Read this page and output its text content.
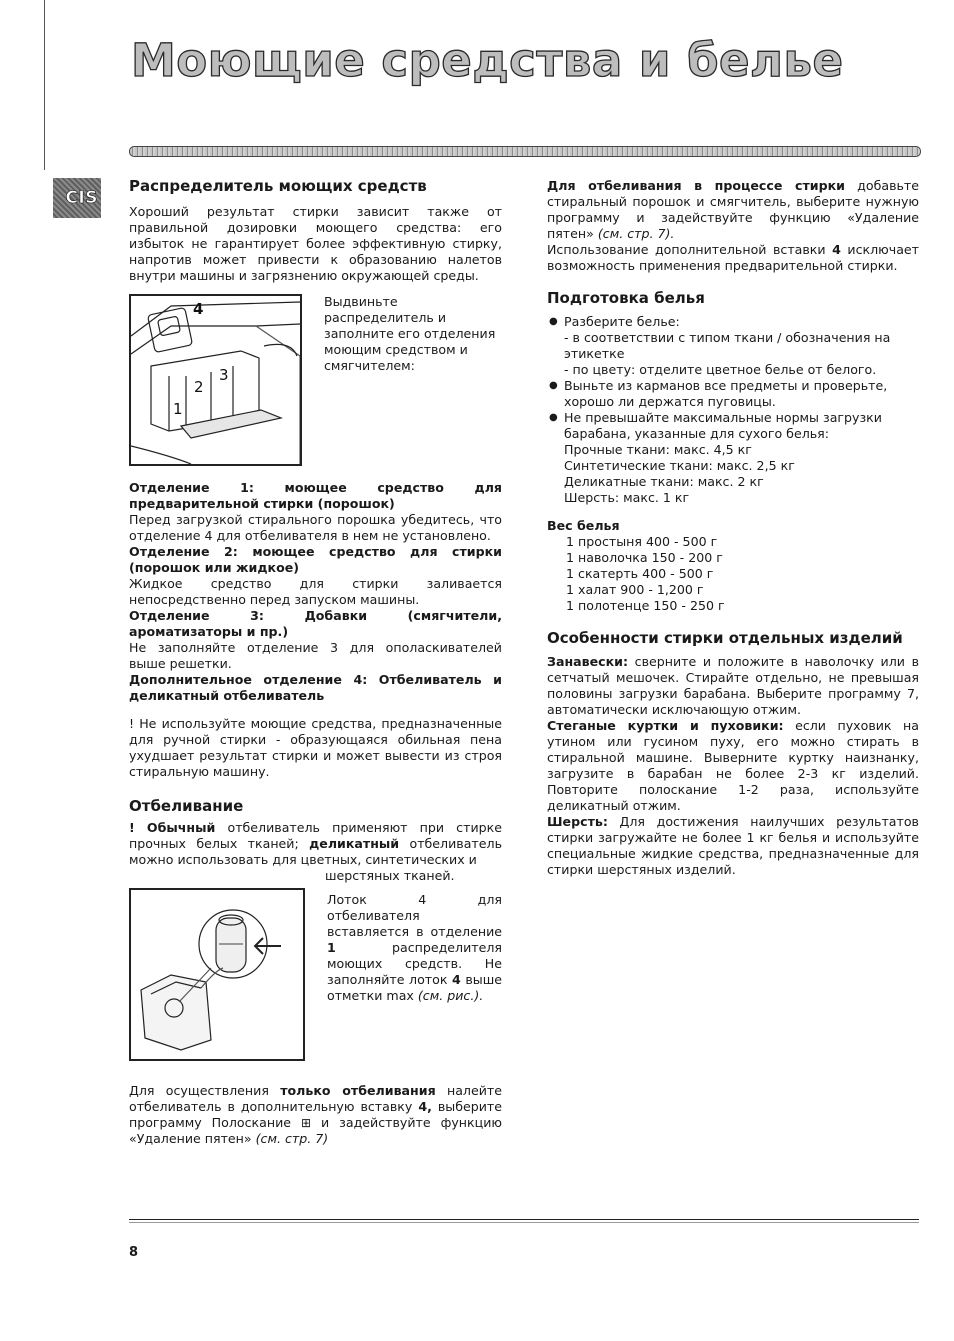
Моющие средства и белье
CIS
Распределитель моющих средств

Хороший результат стирки зависит также от правильной дозировки моющего средства: его избыток не гарантирует более эффективную стирку, напротив может привести к образованию налетов внутри машины и загрязнению окружающей среды.

4
1
2
3

Выдвиньте распределитель и заполните его отделения моющим средством и смягчителем:

Отделение 1: моющее средство для предварительной стирки (порошок)

Перед загрузкой стирального порошка убедитесь, что отделение 4 для отбеливателя в нем не установлено.

Отделение 2: моющее средство для стирки (порошок или жидкое)

Жидкое средство для стирки заливается непосредственно перед запуском машины.

Отделение 3: Добавки (смягчители, ароматизаторы и пр.)

Не заполняйте отделение 3 для ополаскивателей выше решетки.

Дополнительное отделение 4: Отбеливатель и деликатный отбеливатель

! Не используйте моющие средства, предназначенные для ручной стирки - образующаяся обильная пена ухудшает результат стирки и может вывести из строя стиральную машину.

Отбеливание

! Обычный отбеливатель применяют при стирке прочных белых тканей; деликатный отбеливатель можно использовать для цветных, синтетических и

шерстяных тканей.

Лоток 4 для отбеливателя вставляется в отделение 1	распределителя моющих средств. Не заполняйте лоток 4 выше отметки max (см. рис.).

Для осуществления только отбеливания налейте отбеливатель в дополнительную вставку 4, выберите программу Полоскание ⊞ и задействуйте функцию «Удаление пятен» (см. стр. 7)

Для отбеливания в процессе стирки добавьте стиральный порошок и смягчитель, выберите нужную программу и задействуйте функцию «Удаление пятен» (см. стр. 7).

Использование дополнительной вставки 4 исключает возможность применения предварительной стирки.

Подготовка белья

● Разберите белье:

- в соответствии с типом ткани / обозначения на этикетке

- по цвету: отделите цветное белье от белого.

● Выньте из карманов все предметы и проверьте, хорошо ли держатся пуговицы.

● Не превышайте максимальные нормы загрузки барабана, указанные для сухого белья:

Прочные ткани: макс. 4,5 кг

Синтетические ткани: макс. 2,5 кг

Деликатные ткани: макс. 2 кг

Шерсть: макс. 1 кг

Вес белья

1 простыня 400 - 500 г

1 наволочка 150 - 200 г

1 скатерть 400 - 500 г

1 халат 900 - 1,200 г

1 полотенце 150 - 250 г

Особенности стирки отдельных изделий

Занавески: сверните и положите в наволочку или в сетчатый мешочек. Стирайте отдельно, не превышая половины загрузки барабана. Выберите программу 7, автоматически исключающую отжим.

Стеганые куртки и пуховики: если пуховик на утином или гусином пуху, его можно стирать в стиральной машине. Выверните куртку наизнанку, загрузите в барабан не более 2-3 кг изделий. Повторите полоскание 1-2 раза, используйте деликатный отжим.

Шерсть: Для достижения наилучших результатов стирки загружайте не более 1 кг белья и используйте специальные жидкие средства, предназначенные для стирки шерстяных изделий.

8
